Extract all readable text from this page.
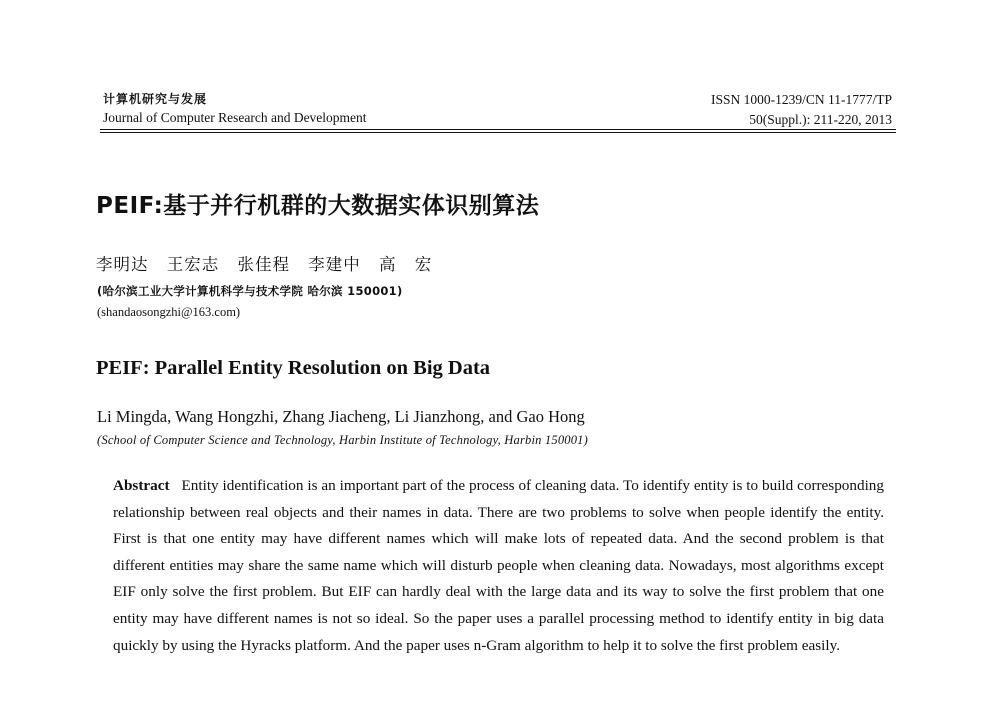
计算机研究与发展
Journal of Computer Research and Development
ISSN 1000-1239/CN 11-1777/TP
50(Suppl.): 211-220, 2013
PEIF:基于并行机群的大数据实体识别算法
李明达 王宏志 张佳程 李建中 高 宏
(哈尔滨工业大学计算机科学与技术学院 哈尔滨 150001)
(shandaosongzhi@163.com)
PEIF: Parallel Entity Resolution on Big Data
Li Mingda, Wang Hongzhi, Zhang Jiacheng, Li Jianzhong, and Gao Hong
(School of Computer Science and Technology, Harbin Institute of Technology, Harbin 150001)
Abstract Entity identification is an important part of the process of cleaning data. To identify entity is to build corresponding relationship between real objects and their names in data. There are two problems to solve when people identify the entity. First is that one entity may have different names which will make lots of repeated data. And the second problem is that different entities may share the same name which will disturb people when cleaning data. Nowadays, most algorithms except EIF only solve the first problem. But EIF can hardly deal with the large data and its way to solve the first problem that one entity may have different names is not so ideal. So the paper uses a parallel processing method to identify entity in big data quickly by using the Hyracks platform. And the paper uses n-Gram algorithm to help it to solve the first problem easily.
